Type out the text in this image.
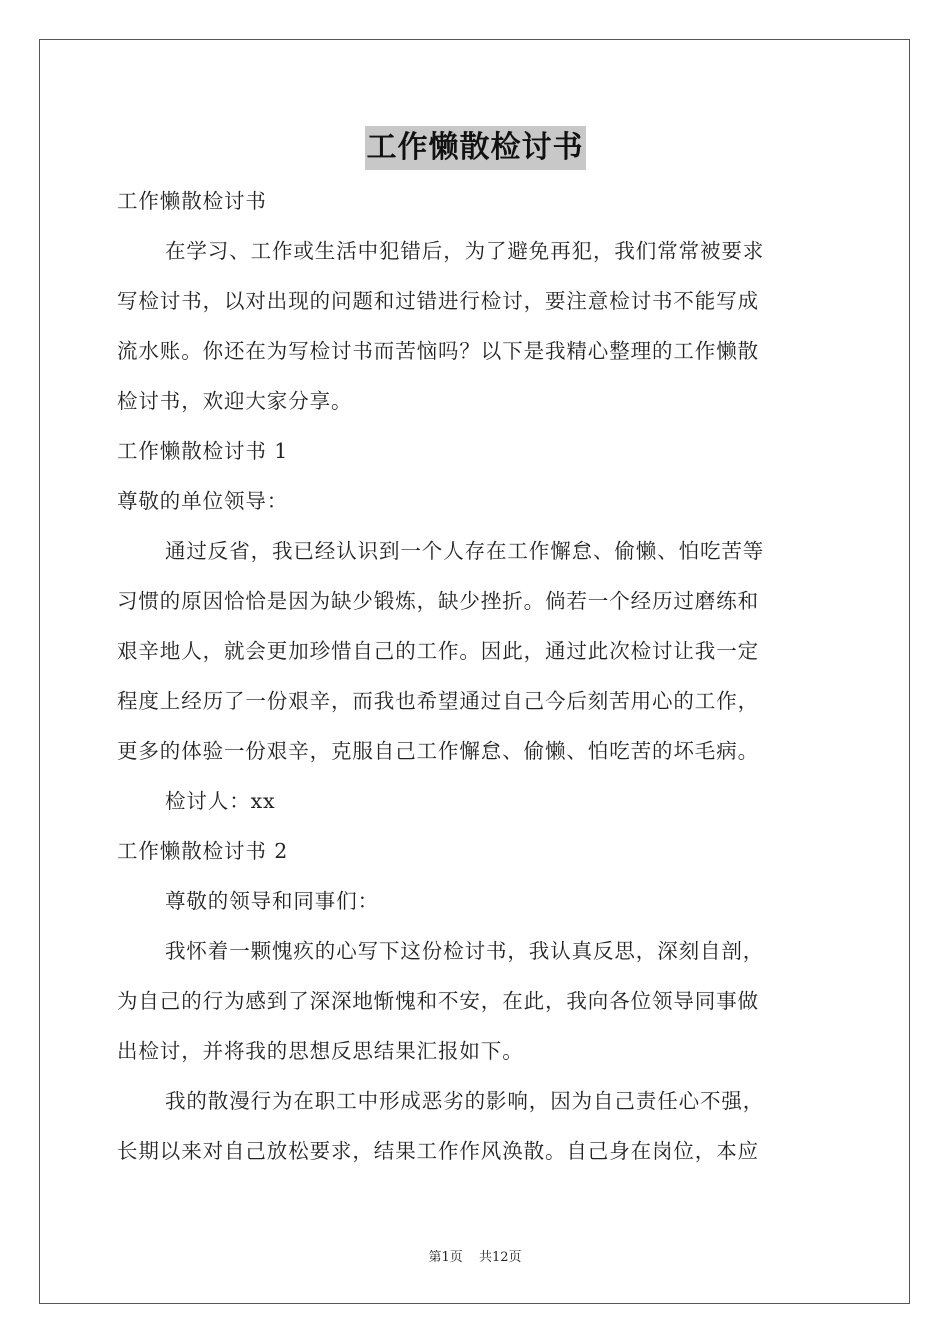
工作懒散检讨书
工作懒散检讨书
在学习、工作或生活中犯错后，为了避免再犯，我们常常被要求
写检讨书，以对出现的问题和过错进行检讨，要注意检讨书不能写成
流水账。你还在为写检讨书而苦恼吗？以下是我精心整理的工作懒散
检讨书，欢迎大家分享。
工作懒散检讨书 1
尊敬的单位领导：
通过反省，我已经认识到一个人存在工作懈怠、偷懒、怕吃苦等
习惯的原因恰恰是因为缺少锻炼，缺少挫折。倘若一个经历过磨练和
艰辛地人，就会更加珍惜自己的工作。因此，通过此次检讨让我一定
程度上经历了一份艰辛，而我也希望通过自己今后刻苦用心的工作，
更多的体验一份艰辛，克服自己工作懈怠、偷懒、怕吃苦的坏毛病。
检讨人：xx
工作懒散检讨书 2
尊敬的领导和同事们：
我怀着一颗愧疚的心写下这份检讨书，我认真反思，深刻自剖，
为自己的行为感到了深深地惭愧和不安，在此，我向各位领导同事做
出检讨，并将我的思想反思结果汇报如下。
我的散漫行为在职工中形成恶劣的影响，因为自己责任心不强，
长期以来对自己放松要求，结果工作作风涣散。自己身在岗位，本应
第1页 共12页
